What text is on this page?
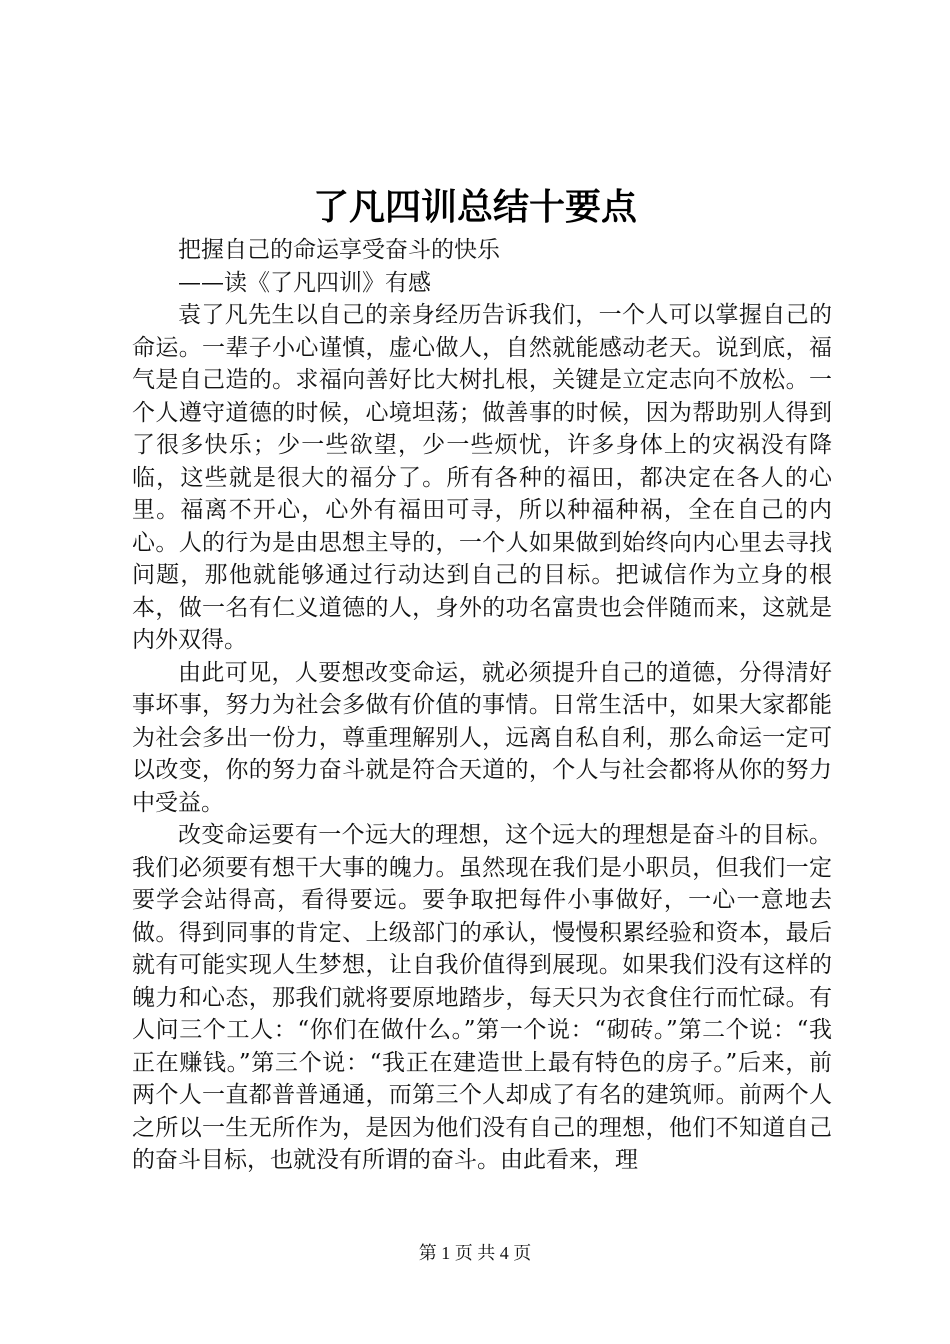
了凡四训总结十要点

把握自己的命运享受奋斗的快乐

——读《了凡四训》有感

袁了凡先生以自己的亲身经历告诉我们，一个人可以掌握自己的命运。一辈子小心谨慎，虚心做人，自然就能感动老天。说到底，福气是自己造的。求福向善好比大树扎根，关键是立定志向不放松。一个人遵守道德的时候，心境坦荡；做善事的时候，因为帮助别人得到了很多快乐；少一些欲望，少一些烦忧，许多身体上的灾祸没有降临，这些就是很大的福分了。所有各种的福田，都决定在各人的心里。福离不开心，心外有福田可寻，所以种福种祸，全在自己的内心。人的行为是由思想主导的，一个人如果做到始终向内心里去寻找问题，那他就能够通过行动达到自己的目标。把诚信作为立身的根本，做一名有仁义道德的人，身外的功名富贵也会伴随而来，这就是内外双得。

由此可见，人要想改变命运，就必须提升自己的道德，分得清好事坏事，努力为社会多做有价值的事情。日常生活中，如果大家都能为社会多出一份力，尊重理解别人，远离自私自利，那么命运一定可以改变，你的努力奋斗就是符合天道的，个人与社会都将从你的努力中受益。

改变命运要有一个远大的理想，这个远大的理想是奋斗的目标。我们必须要有想干大事的魄力。虽然现在我们是小职员，但我们一定要学会站得高，看得要远。要争取把每件小事做好，一心一意地去做。得到同事的肯定、上级部门的承认，慢慢积累经验和资本，最后就有可能实现人生梦想，让自我价值得到展现。如果我们没有这样的魄力和心态，那我们就将要原地踏步，每天只为衣食住行而忙碌。有人问三个工人：“你们在做什么。”第一个说：“砌砖。”第二个说：“我正在赚钱。”第三个说：“我正在建造世上最有特色的房子。”后来，前两个人一直都普普通通，而第三个人却成了有名的建筑师。前两个人之所以一生无所作为，是因为他们没有自己的理想，他们不知道自己的奋斗目标，也就没有所谓的奋斗。由此看来，理

第 1 页 共 4 页
